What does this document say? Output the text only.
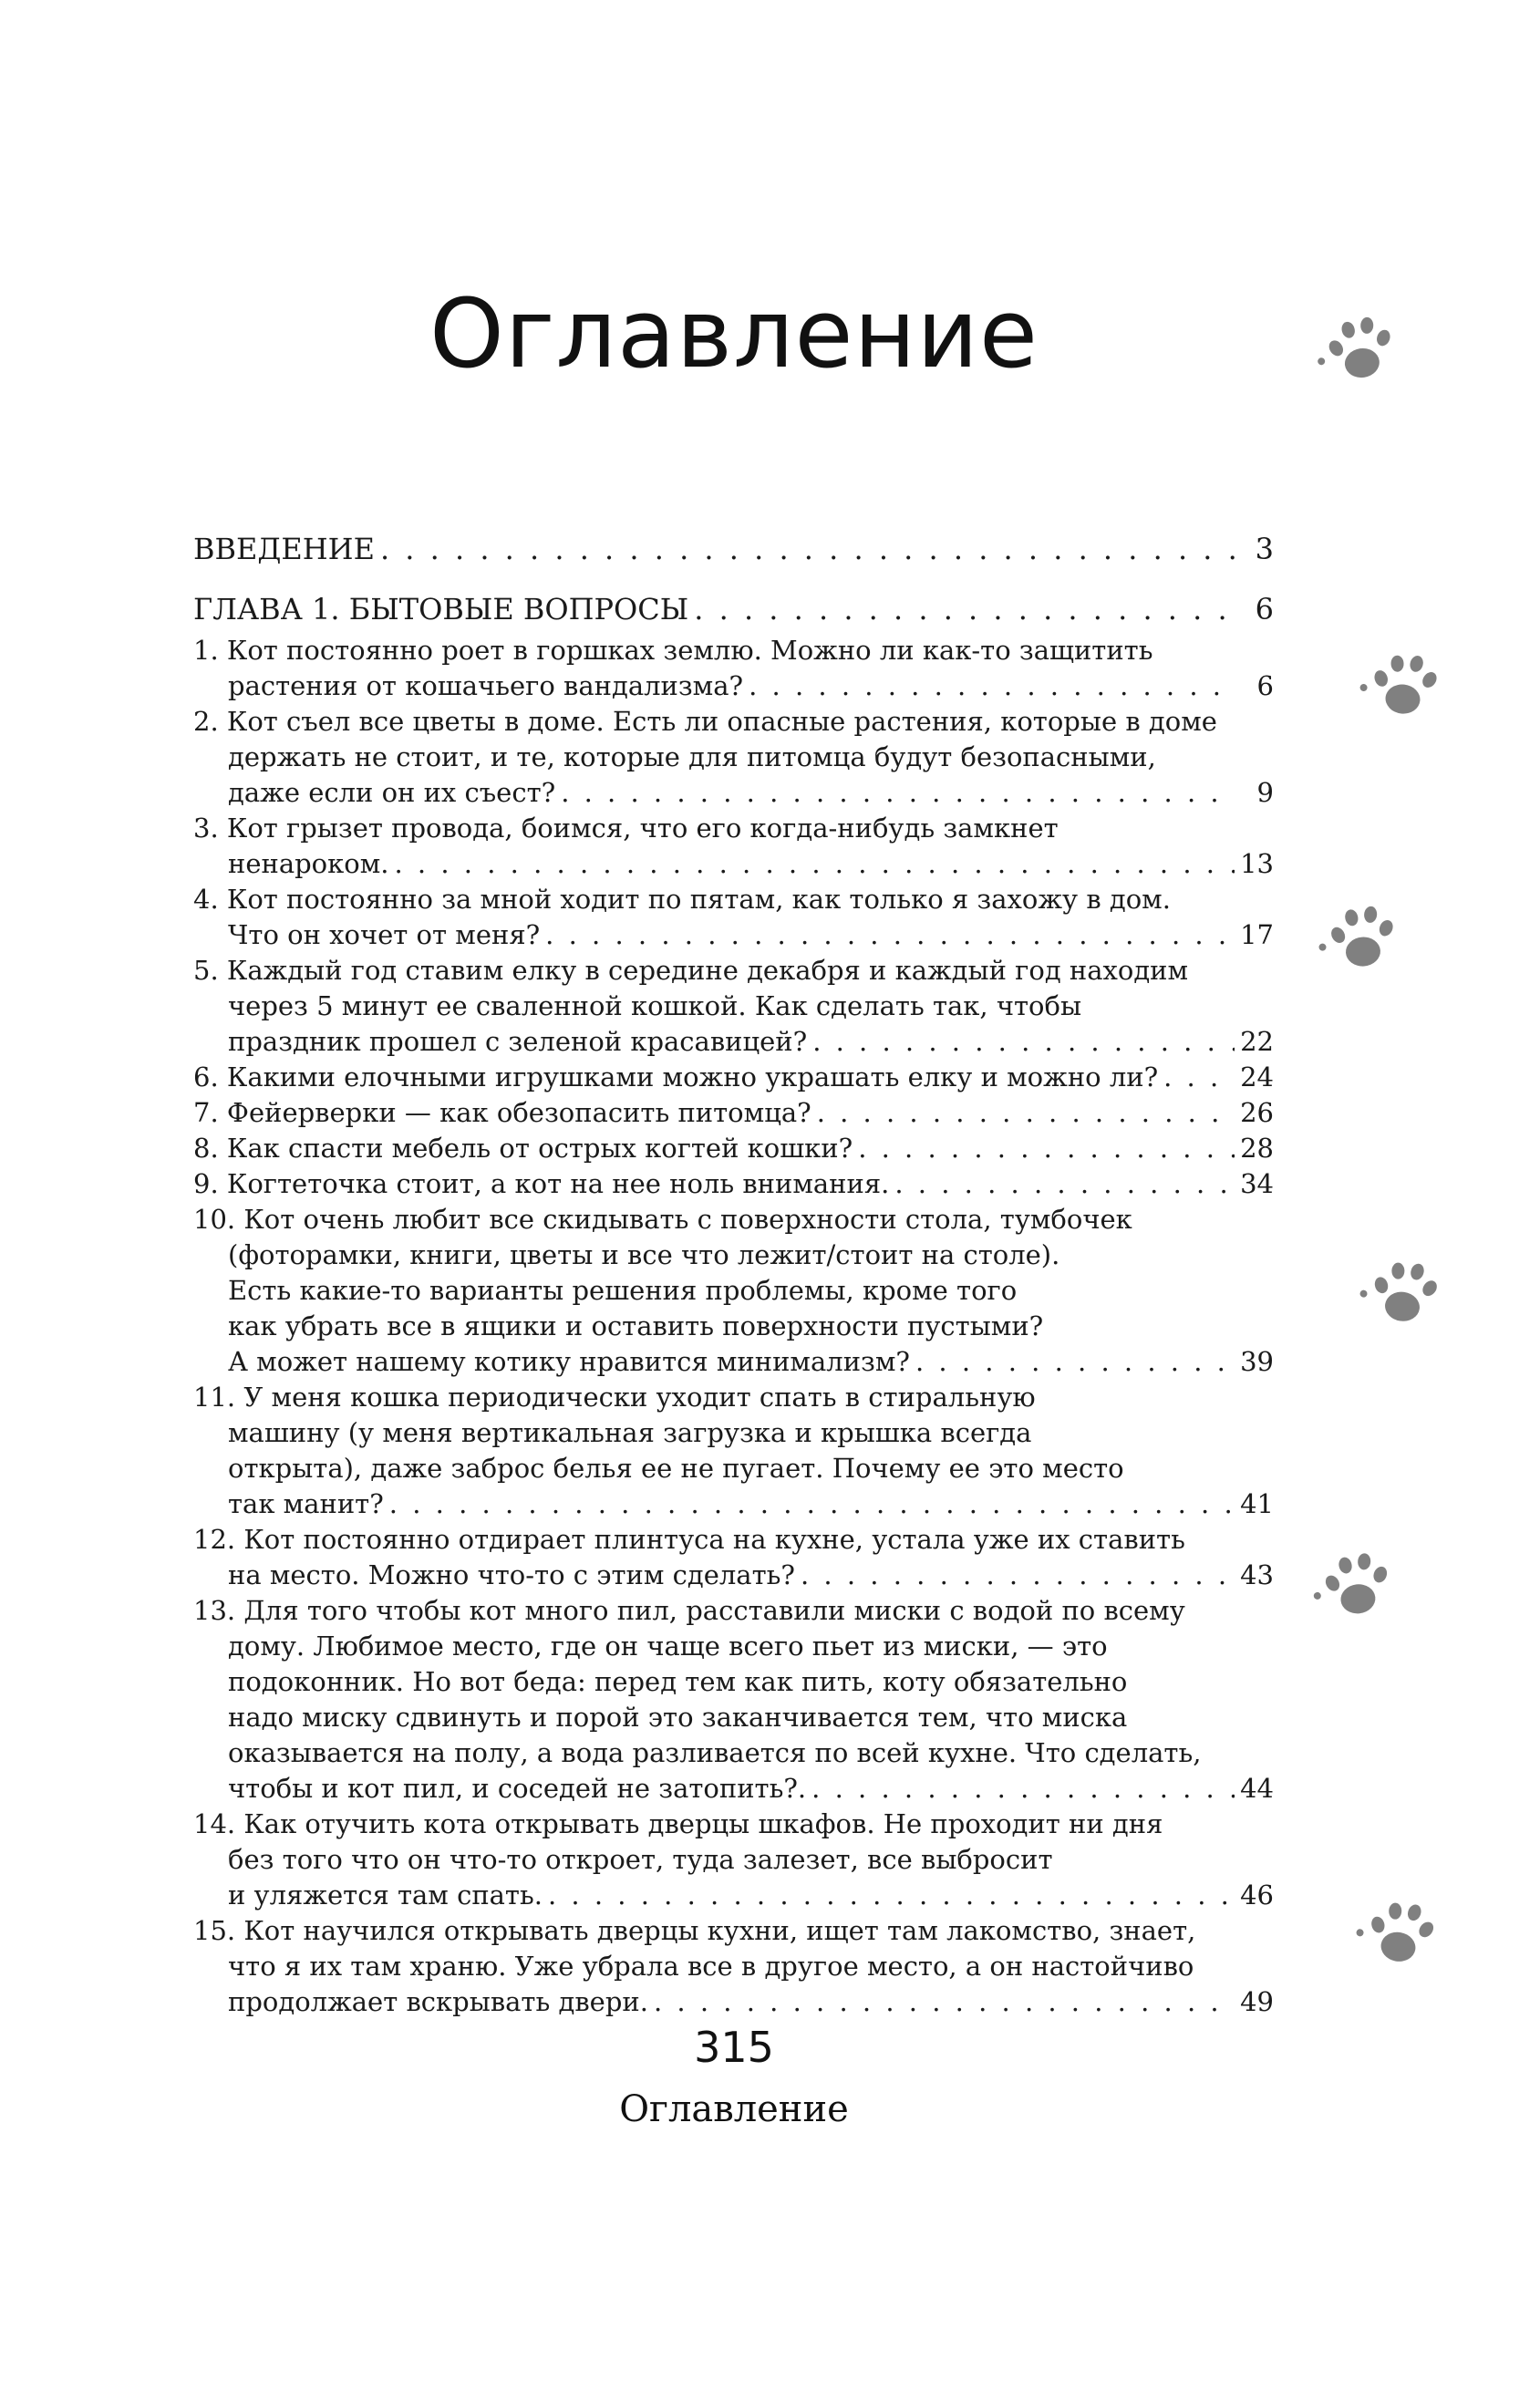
Оглавление
ВВЕДЕНИЕ . . .	3
ГЛАВА 1. БЫТОВЫЕ ВОПРОСЫ . . .	6
1. Кот постоянно роет в горшках землю. Можно ли как-то защитить
растения от кошачьего вандализма? . . .	6
2. Кот съел все цветы в доме. Есть ли опасные растения, которые в доме
держать не стоит, и те, которые для питомца будут безопасными,
даже если он их съест? . . .	9
3. Кот грызет провода, боимся, что его когда-нибудь замкнет
ненароком. . . .	13
4. Кот постоянно за мной ходит по пятам, как только я захожу в дом.
Что он хочет от меня? . . .	17
5. Каждый год ставим елку в середине декабря и каждый год находим
через 5 минут ее сваленной кошкой. Как сделать так, чтобы
праздник прошел с зеленой красавицей? . . .	22
6. Какими елочными игрушками можно украшать елку и можно ли? . . .	24
7. Фейерверки — как обезопасить питомца? . . .	26
8. Как спасти мебель от острых когтей кошки? . . .	28
9. Когтеточка стоит, а кот на нее ноль внимания. . . .	34
10. Кот очень любит все скидывать с поверхности стола, тумбочек
(фоторамки, книги, цветы и все что лежит/стоит на столе).
Есть какие-то варианты решения проблемы, кроме того
как убрать все в ящики и оставить поверхности пустыми?
А может нашему котику нравится минимализм? . . .	39
11. У меня кошка периодически уходит спать в стиральную
машину (у меня вертикальная загрузка и крышка всегда
открыта), даже заброс белья ее не пугает. Почему ее это место
так манит? . . .	41
12. Кот постоянно отдирает плинтуса на кухне, устала уже их ставить
на место. Можно что-то с этим сделать? . . .	43
13. Для того чтобы кот много пил, расставили миски с водой по всему
дому. Любимое место, где он чаще всего пьет из миски, — это
подоконник. Но вот беда: перед тем как пить, коту обязательно
надо миску сдвинуть и порой это заканчивается тем, что миска
оказывается на полу, а вода разливается по всей кухне. Что сделать,
чтобы и кот пил, и соседей не затопить?. . . .	44
14. Как отучить кота открывать дверцы шкафов. Не проходит ни дня
без того что он что-то откроет, туда залезет, все выбросит
и уляжется там спать. . . .	46
15. Кот научился открывать дверцы кухни, ищет там лакомство, знает,
что я их там храню. Уже убрала все в другое место, а он настойчиво
продолжает вскрывать двери. . . .	49
315
Оглавление
